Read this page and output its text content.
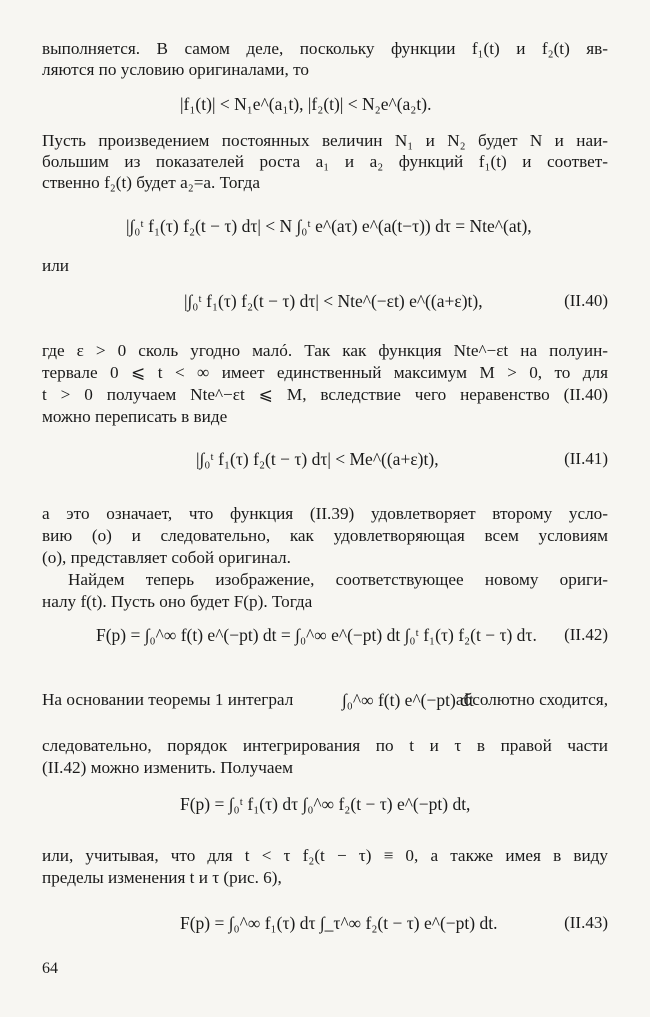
выполняется. В самом деле, поскольку функции f₁(t) и f₂(t) яв-
ляются по условию оригиналами, то
|f₁(t)| < N₁e^(a₁t), |f₂(t)| < N₂e^(a₂t).
Пусть произведением постоянных величин N₁ и N₂ будет N и наи-
большим из показателей роста a₁ и a₂ функций f₁(t) и соответ-
ственно f₂(t) будет a₂=a. Тогда
|∫₀ᵗ f₁(τ) f₂(t − τ) dτ| < N ∫₀ᵗ e^(aτ) e^(a(t−τ)) dτ = Nte^(at),
или
|∫₀ᵗ f₁(τ) f₂(t − τ) dτ| < Nte^(−εt) e^((a+ε)t),	(II.40)
где ε > 0 сколь угодно малó. Так как функция Nte^−εt на полуин-
тервале 0 ⩽ t < ∞ имеет единственный максимум M > 0, то для
t > 0 получаем Nte^−εt ⩽ M, вследствие чего неравенство (II.40)
можно переписать в виде
|∫₀ᵗ f₁(τ) f₂(t − τ) dτ| < Me^((a+ε)t),	(II.41)
а это означает, что функция (II.39) удовлетворяет второму усло-
вию (о) и следовательно, как удовлетворяющая всем условиям
(о), представляет собой оригинал.
Найдем теперь изображение, соответствующее новому ориги-
налу f(t). Пусть оно будет F(p). Тогда
F(p) = ∫₀^∞ f(t) e^(−pt) dt = ∫₀^∞ e^(−pt) dt ∫₀ᵗ f₁(τ) f₂(t − τ) dτ. (II.42)
На основании теоремы 1 интеграл	∫₀^∞ f(t) e^(−pt) dt
абсолютно сходится,
следовательно, порядок интегрирования по t и τ в правой части
(II.42) можно изменить. Получаем
F(p) = ∫₀ᵗ f₁(τ) dτ ∫₀^∞ f₂(t − τ) e^(−pt) dt,
или, учитывая, что для t < τ f₂(t − τ) ≡ 0, а также имея в виду
пределы изменения t и τ (рис. 6),
F(p) = ∫₀^∞ f₁(τ) dτ ∫_τ^∞ f₂(t − τ) e^(−pt) dt.	(II.43)
64
